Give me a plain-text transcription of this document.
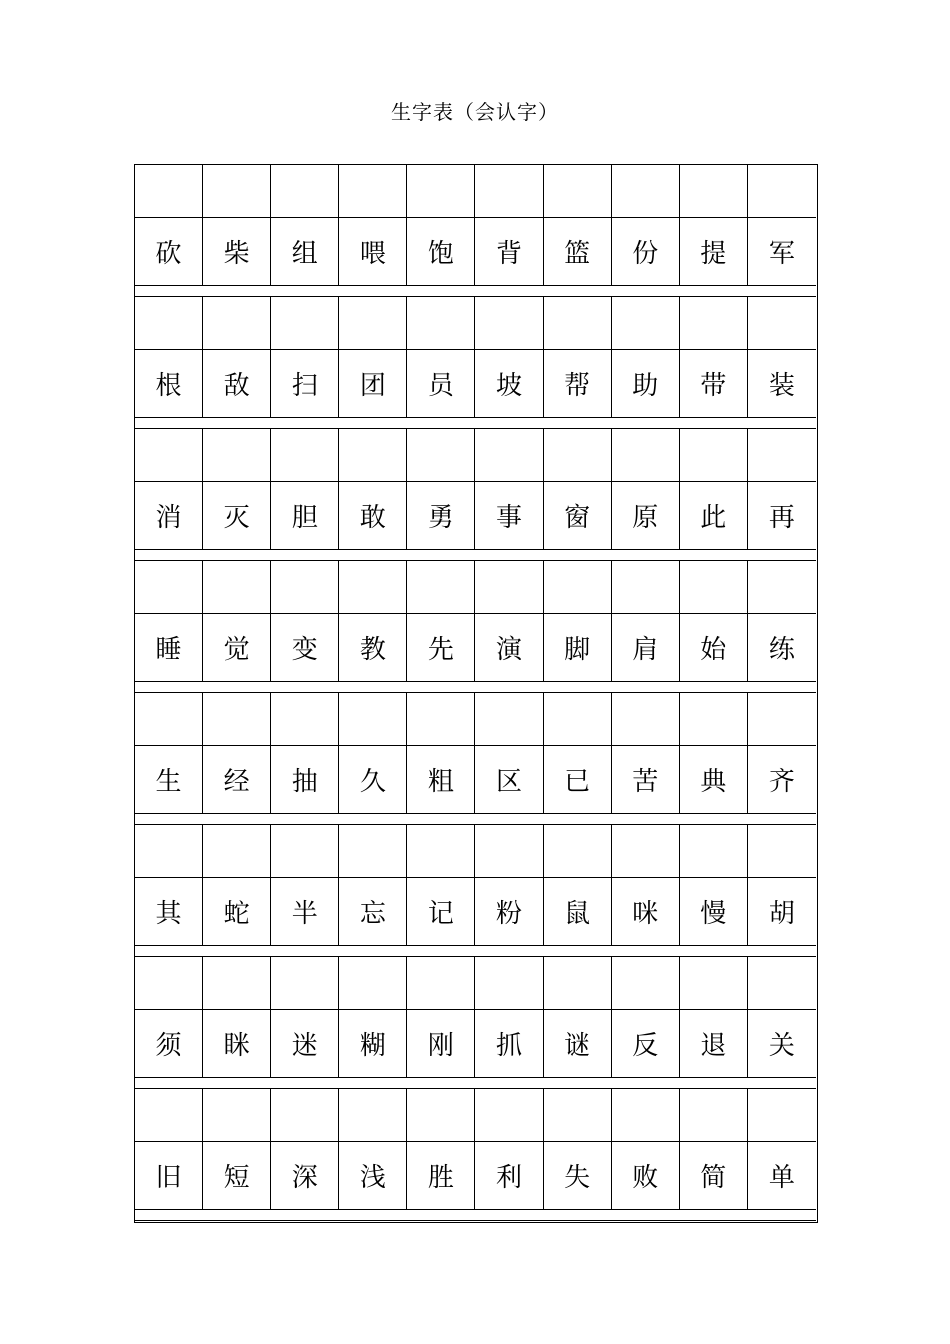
生字表（会认字）
砍	柴	组	喂	饱	背	篮	份	提	军
根	敌	扫	团	员	坡	帮	助	带	装
消	灭	胆	敢	勇	事	窗	原	此	再
睡	觉	变	教	先	演	脚	肩	始	练
生	经	抽	久	粗	区	已	苦	典	齐
其	蛇	半	忘	记	粉	鼠	咪	慢	胡
须	眯	迷	糊	刚	抓	谜	反	退	关
旧	短	深	浅	胜	利	失	败	简	单
